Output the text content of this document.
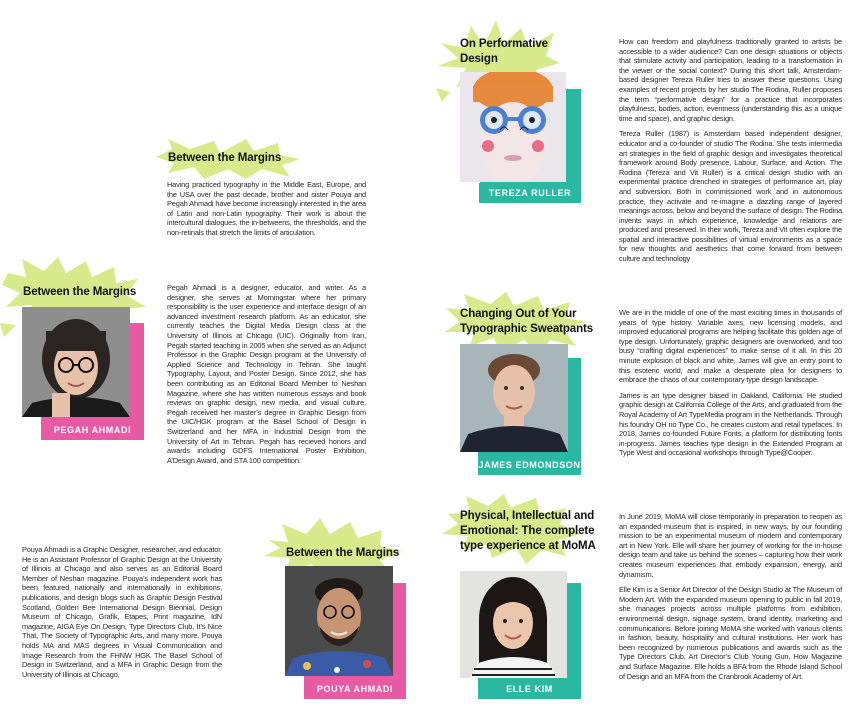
On Performative Design
TEREZA RULLER

How can freedom and playfulness traditionally granted to artists be accessible to a wider audience? Can one design situations or objects that stimulate activity and participation, leading to a transformation in the viewer or the social context? During this short talk, Amsterdam-based designer Tereza Ruller tries to answer these questions. Using examples of recent projects by her studio The Rodina, Ruller proposes the term “performative design” for a practice that incorporates playfulness, bodies, action, eventness (understanding this as a unique time and space), and graphic design.

Tereza Ruller (1987) is Amsterdam based independent designer, educator and a co-founder of studio The Rodina. She tests intermedia art strategies in the field of graphic design and investigates theoretical framework around Body presence, Labour, Surface, and Action. The Rodina (Tereza and Vit Ruller) is a critical design studio with an experimental practice drenched in strategies of performance art, play and subversion. Both in commissioned work and in autonomous practice, they activate and re-imagine a dazzling range of layered meanings across, below and beyond the surface of design. The Rodina invents ways in which experience, knowledge and relations are produced and preserved. In their work, Tereza and Vit often explore the spatial and interactive possibilities of virtual environments as a space for new thoughts and aesthetics that come forward from between culture and technology

Between the Margins

Having practiced typography in the Middle East, Europe, and the USA over the past decade, brother and sister Pouya and Pegah Ahmadi have become increasingly interested in the area of Latin and non-Latin typography. Their work is about the intercultural dialogues, the in-betweens, the thresholds, and the non-retinals that stretch the limits of articulation.

Between the Margins
PEGAH AHMADI

Pegah Ahmadi is a designer, educator, and writer. As a designer, she serves at Morningstar where her primary responsibility is the user experience and interface design of an advanced investment research platform. As an educator, she currently teaches the Digital Media Design class at the University of Illinois at Chicago (UIC). Originally from Iran, Pegah started teaching in 2005 when she served as an Adjunct Professor in the Graphic Design program at the University of Applied Science and Technology in Tehran. She taught Typography, Layout, and Poster Design. Since 2012, she has been contributing as an Editorial Board Member to Neshan Magazine, where she has written numerous essays and book reviews on graphic design, new media, and visual culture. Pegah received her master’s degree in Graphic Design from the UIC/HGK program at the Basel School of Design in Switzerland and her MFA in Industrial Design from the University of Art in Tehran. Pegah has recieved honors and awards including GDFS International Poster Exhibition, A’Design Award, and STA 100 competition.

Changing Out of Your Typographic Sweatpants
JAMES EDMONDSON

We are in the middle of one of the most exciting times in thousands of years of type history. Variable axes, new licensing models, and improved educational programs are helping facilitate this golden age of type design. Unfortunately, graphic designers are overworked, and too busy “crafting digital experiences” to make sense of it all. In this 20 minute explosion of black and white, James will give an entry point to this esoteric world, and make a desperate plea for designers to embrace the chaos of our contemporary type design landscape.

James is an type designer based in Oakland, California. He studied graphic design at California College of the Arts, and graduated from the Royal Academy of Art TypeMedia program in the Netherlands. Through his foundry OH no Type Co., he creates custom and retail typefaces. In 2018, James co-founded Future Fonts, a platform for distributing fonts in-progress. James teaches type design in the Extended Program at Type West and occasional workshops through Type@Cooper.

Between the Margins
POUYA AHMADI

Pouya Ahmadi is a Graphic Designer, researcher, and educator. He is an Assistant Professor of Graphic Design at the University of Illinois at Chicago and also serves as an Editorial Board Member of Neshan magazine. Pouya’s independent work has been featured nationally and internationally in exhibitions, publications, and design blogs such as Graphic Design Festival Scotland, Golden Bee International Design Biennial, Design Museum of Chicago, Grafik, Etapes, Print magazine, IdN magazine, AIGA Eye On Design, Type Directors Club, It’s Nice That, The Society of Typographic Arts, and many more. Pouya holds MA and MAS degrees in Visual Communication and Image Research from the FHNW HGK The Basel School of Design in Switzerland, and a MFA in Graphic Design from the University of Illinois at Chicago.

Physical, Intellectual and Emotional: The complete type experience at MoMA
ELLE KIM

In June 2019, MoMA will close temporarily in preparation to reopen as an expanded museum that is inspired, in new ways, by our founding mission to be an experimental museum of modern and contemporary art in New York. Elle will share her journey of working for the in-house design team and take us behind the scenes – capturing how their work creates museum experiences that embody expansion, energy, and dynamism.

Elle Kim is a Senior Art Director of the Design Studio at The Museum of Modern Art. With the expanded museum opening to public in fall 2019, she manages projects across multiple platforms from exhibition, environmental design, signage system, brand identity, marketing and communications. Before joining MoMA she worked with various clients in fashion, beauty, hospitality and cultural institutions. Her work has been recognized by numerous publications and awards such as the Type Directors Club, Art Director’s Club Young Gun, How Magazine and Surface Magazine. Elle holds a BFA from the Rhode Island School of Design and an MFA from the Cranbrook Academy of Art.
